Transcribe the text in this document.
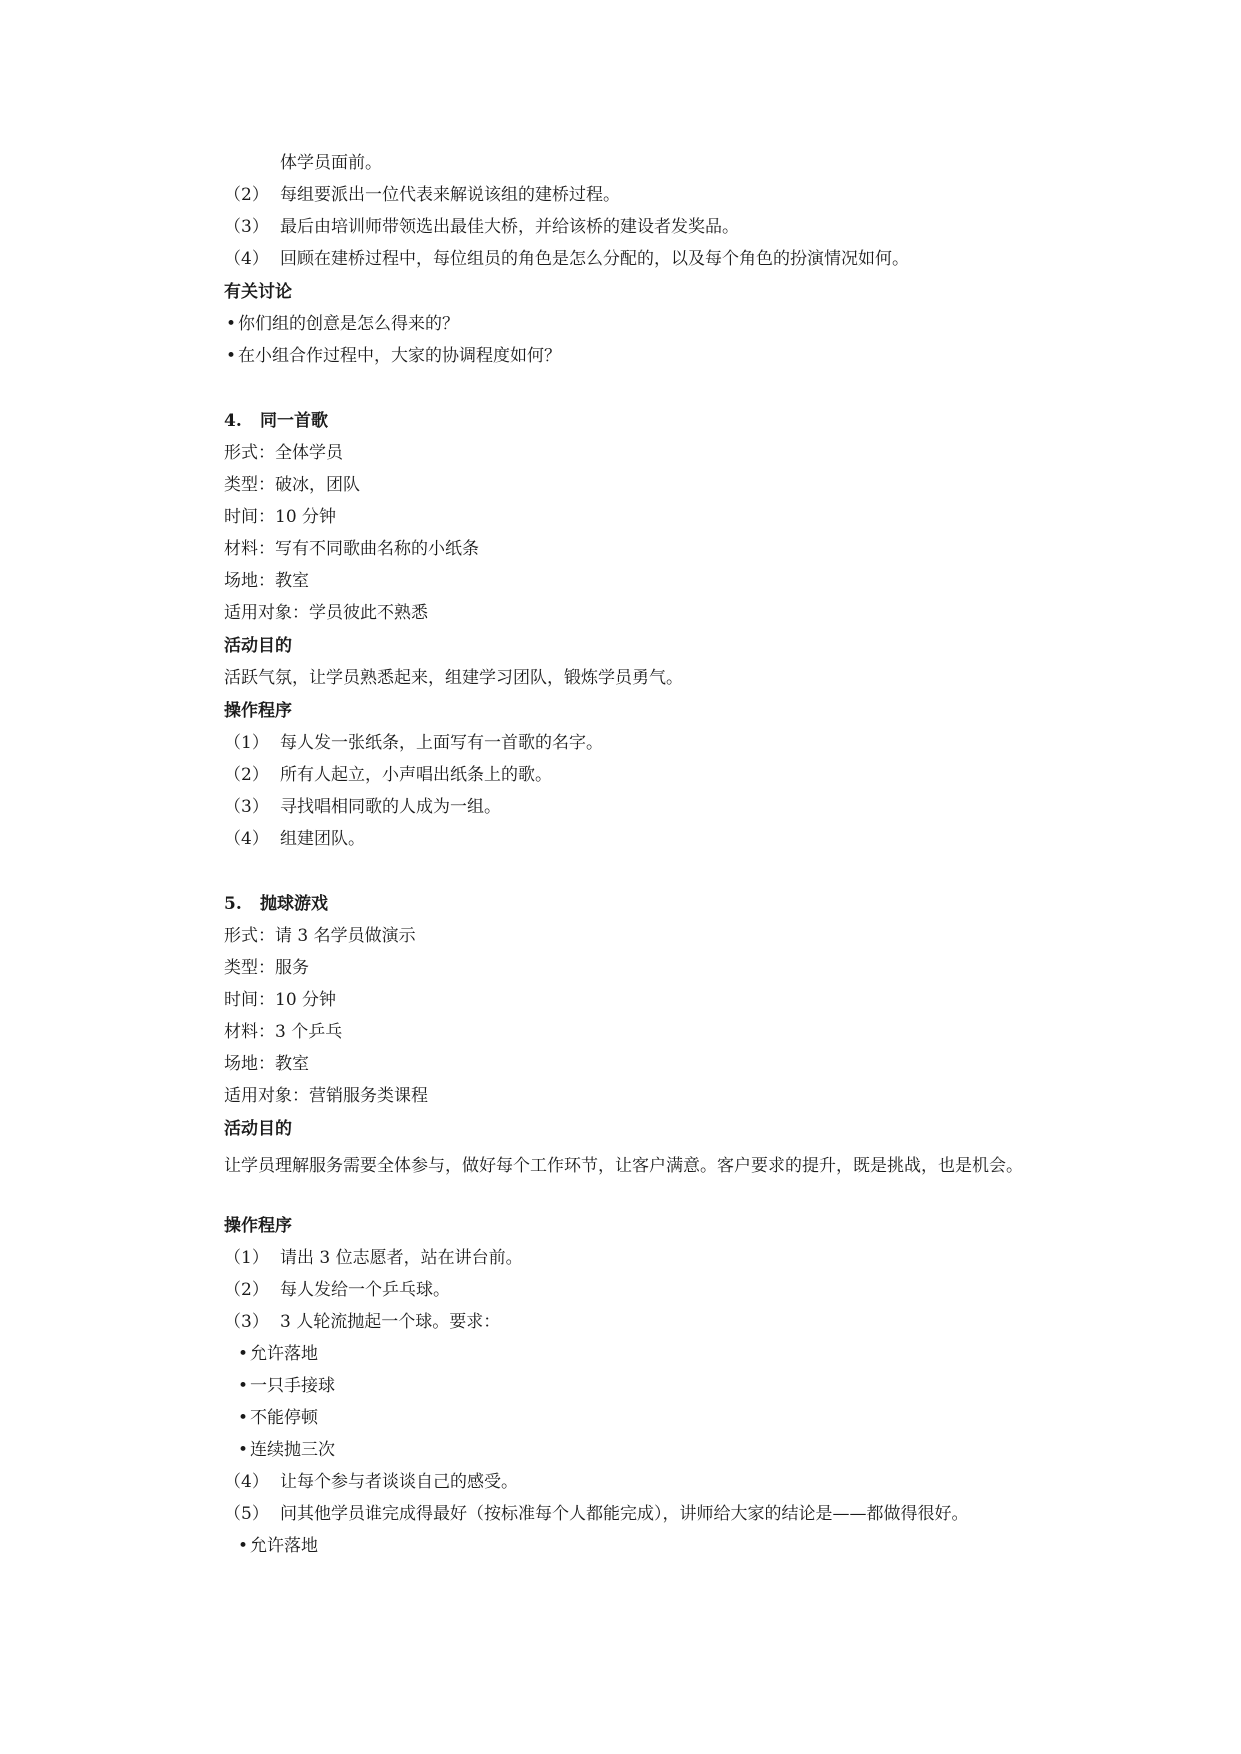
体学员面前。
（2） 每组要派出一位代表来解说该组的建桥过程。
（3） 最后由培训师带领选出最佳大桥，并给该桥的建设者发奖品。
（4） 回顾在建桥过程中，每位组员的角色是怎么分配的，以及每个角色的扮演情况如何。
有关讨论
• 你们组的创意是怎么得来的？
• 在小组合作过程中，大家的协调程度如何？
4. 同一首歌
形式：全体学员
类型：破冰，团队
时间：10 分钟
材料：写有不同歌曲名称的小纸条
场地：教室
适用对象：学员彼此不熟悉
活动目的
活跃气氛，让学员熟悉起来，组建学习团队，锻炼学员勇气。
操作程序
（1） 每人发一张纸条，上面写有一首歌的名字。
（2） 所有人起立，小声唱出纸条上的歌。
（3） 寻找唱相同歌的人成为一组。
（4） 组建团队。
5. 抛球游戏
形式：请 3 名学员做演示
类型：服务
时间：10 分钟
材料：3 个乒乓
场地：教室
适用对象：营销服务类课程
活动目的
让学员理解服务需要全体参与，做好每个工作环节，让客户满意。客户要求的提升，既是挑战，也是机会。
操作程序
（1） 请出 3 位志愿者，站在讲台前。
（2） 每人发给一个乒乓球。
（3） 3 人轮流抛起一个球。要求：
• 允许落地
• 一只手接球
• 不能停顿
• 连续抛三次
（4） 让每个参与者谈谈自己的感受。
（5） 问其他学员谁完成得最好（按标准每个人都能完成），讲师给大家的结论是——都做得很好。
• 允许落地
